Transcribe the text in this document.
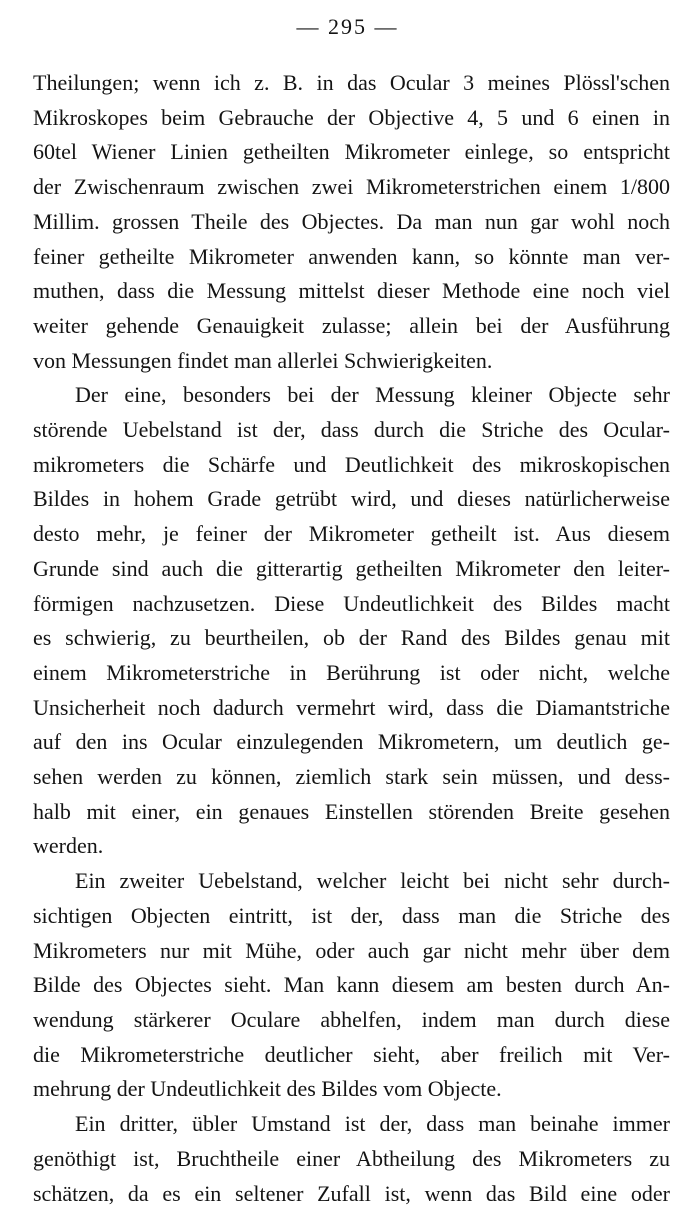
— 295 —
Theilungen; wenn ich z. B. in das Ocular 3 meines Plössl'schen
Mikroskopes beim Gebrauche der Objective 4, 5 und 6 einen in
60tel Wiener Linien getheilten Mikrometer einlege, so entspricht
der Zwischenraum zwischen zwei Mikrometerstrichen einem 1/800
Millim. grossen Theile des Objectes. Da man nun gar wohl noch
feiner getheilte Mikrometer anwenden kann, so könnte man ver-
muthen, dass die Messung mittelst dieser Methode eine noch viel
weiter gehende Genauigkeit zulasse; allein bei der Ausführung
von Messungen findet man allerlei Schwierigkeiten.
Der eine, besonders bei der Messung kleiner Objecte sehr
störende Uebelstand ist der, dass durch die Striche des Ocular-
mikrometers die Schärfe und Deutlichkeit des mikroskopischen
Bildes in hohem Grade getrübt wird, und dieses natürlicherweise
desto mehr, je feiner der Mikrometer getheilt ist. Aus diesem
Grunde sind auch die gitterartig getheilten Mikrometer den leiter-
förmigen nachzusetzen. Diese Undeutlichkeit des Bildes macht
es schwierig, zu beurtheilen, ob der Rand des Bildes genau mit
einem Mikrometerstriche in Berührung ist oder nicht, welche
Unsicherheit noch dadurch vermehrt wird, dass die Diamantstriche
auf den ins Ocular einzulegenden Mikrometern, um deutlich ge-
sehen werden zu können, ziemlich stark sein müssen, und dess-
halb mit einer, ein genaues Einstellen störenden Breite gesehen
werden.
Ein zweiter Uebelstand, welcher leicht bei nicht sehr durch-
sichtigen Objecten eintritt, ist der, dass man die Striche des
Mikrometers nur mit Mühe, oder auch gar nicht mehr über dem
Bilde des Objectes sieht. Man kann diesem am besten durch An-
wendung stärkerer Oculare abhelfen, indem man durch diese
die Mikrometerstriche deutlicher sieht, aber freilich mit Ver-
mehrung der Undeutlichkeit des Bildes vom Objecte.
Ein dritter, übler Umstand ist der, dass man beinahe immer
genöthigt ist, Bruchtheile einer Abtheilung des Mikrometers zu
schätzen, da es ein seltener Zufall ist, wenn das Bild eine oder
